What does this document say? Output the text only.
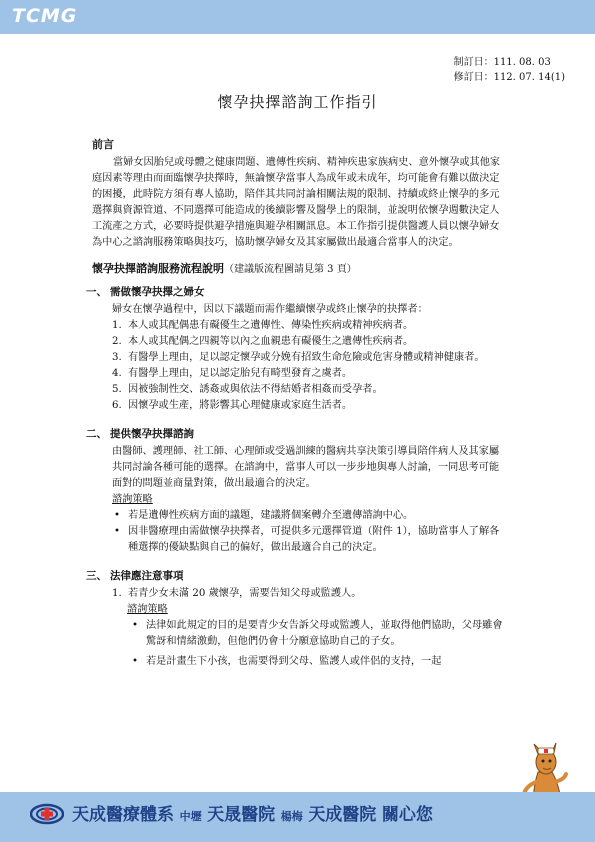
TCMG
制訂日：111. 08. 03
修訂日：112. 07. 14(1)
懷孕抉擇諮詢工作指引
前言

當婦女因胎兒或母體之健康問題、遺傳性疾病、精神疾患家族病史、意外懷孕或其他家庭因素等理由而面臨懷孕抉擇時，無論懷孕當事人為成年或未成年，均可能會有難以做決定的困擾，此時院方須有專人協助，陪伴其共同討論相關法規的限制、持續或終止懷孕的多元選擇與資源管道、不同選擇可能造成的後續影響及醫學上的限制，並說明依懷孕週數決定人工流產之方式，必要時提供避孕措施與避孕相關訊息。本工作指引提供醫護人員以懷孕婦女為中心之諮詢服務策略與技巧，協助懷孕婦女及其家屬做出最適合當事人的決定。

懷孕抉擇諮詢服務流程說明（建議版流程圖請見第 3 頁）
一、 需做懷孕抉擇之婦女

婦女在懷孕過程中，因以下議題而需作繼續懷孕或終止懷孕的抉擇者：

1. 本人或其配偶患有礙優生之遺傳性、傳染性疾病或精神疾病者。
2. 本人或其配偶之四親等以內之血親患有礙優生之遺傳性疾病者。
3. 有醫學上理由，足以認定懷孕或分娩有招致生命危險或危害身體或精神健康者。
4. 有醫學上理由，足以認定胎兒有畸型發育之虞者。
5. 因被強制性交、誘姦或與依法不得結婚者相姦而受孕者。
6. 因懷孕或生產，將影響其心理健康或家庭生活者。
二、 提供懷孕抉擇諮詢

由醫師、護理師、社工師、心理師或受過訓練的醫病共享決策引導員陪伴病人及其家屬共同討論各種可能的選擇。在諮詢中，當事人可以一步步地與專人討論，一同思考可能面對的問題並商量對策，做出最適合的決定。

諮詢策略
• 若是遺傳性疾病方面的議題，建議將個案轉介至遺傳諮詢中心。
• 因非醫療理由需做懷孕抉擇者，可提供多元選擇管道（附件 1），協助當事人了解各種選擇的優缺點與自己的偏好，做出最適合自己的決定。
三、 法律應注意事項
1. 若青少女未滿 20 歲懷孕，需要告知父母或監護人。
諮詢策略
• 法律如此規定的目的是要青少女告訴父母或監護人，並取得他們協助，父母雖會驚訝和情緒激動，但他們仍會十分願意協助自己的子女。
• 若是計畫生下小孩，也需要得到父母、監護人或伴侶的支持，一起
天成醫療體系 中壢 天晟醫院 楊梅 天成醫院 關心您
